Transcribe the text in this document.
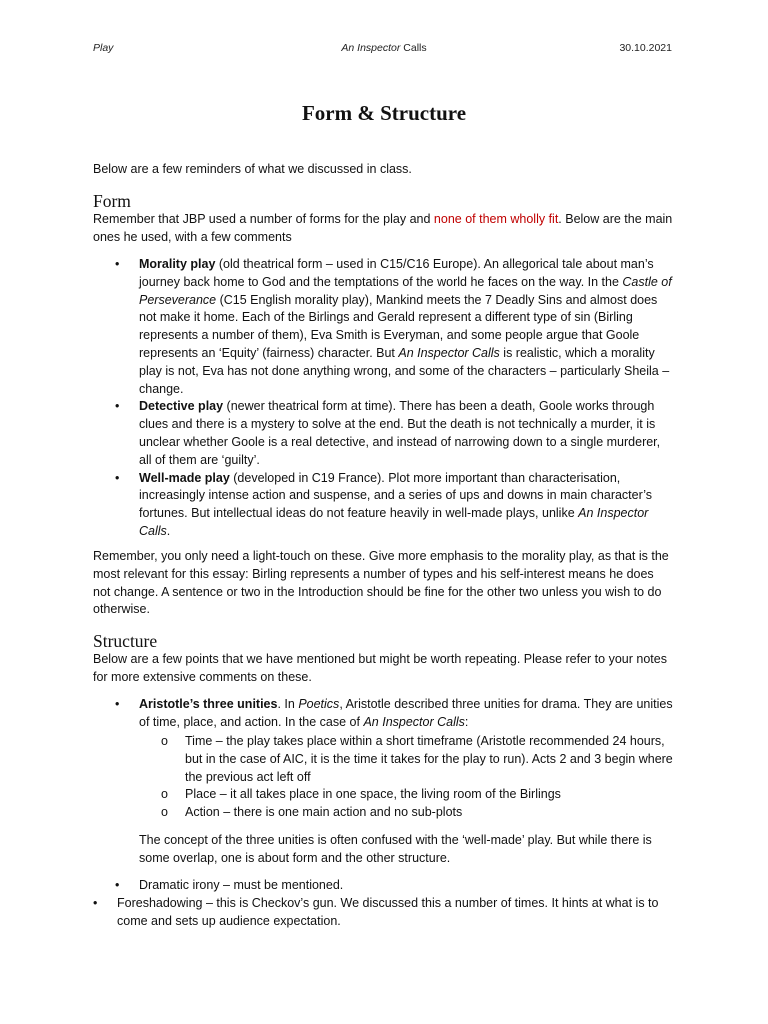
Play	An Inspector Calls	30.10.2021
Form & Structure
Below are a few reminders of what we discussed in class.
Form
Remember that JBP used a number of forms for the play and none of them wholly fit. Below are the main ones he used, with a few comments
• Morality play (old theatrical form – used in C15/C16 Europe). An allegorical tale about man’s journey back home to God and the temptations of the world he faces on the way. In the Castle of Perseverance (C15 English morality play), Mankind meets the 7 Deadly Sins and almost does not make it home. Each of the Birlings and Gerald represent a different type of sin (Birling represents a number of them), Eva Smith is Everyman, and some people argue that Goole represents an ‘Equity’ (fairness) character. But An Inspector Calls is realistic, which a morality play is not, Eva has not done anything wrong, and some of the characters – particularly Sheila – change.
• Detective play (newer theatrical form at time). There has been a death, Goole works through clues and there is a mystery to solve at the end. But the death is not technically a murder, it is unclear whether Goole is a real detective, and instead of narrowing down to a single murderer, all of them are ‘guilty’.
• Well-made play (developed in C19 France). Plot more important than characterisation, increasingly intense action and suspense, and a series of ups and downs in main character’s fortunes. But intellectual ideas do not feature heavily in well-made plays, unlike An Inspector Calls.
Remember, you only need a light-touch on these. Give more emphasis to the morality play, as that is the most relevant for this essay: Birling represents a number of types and his self-interest means he does not change. A sentence or two in the Introduction should be fine for the other two unless you wish to do otherwise.
Structure
Below are a few points that we have mentioned but might be worth repeating. Please refer to your notes for more extensive comments on these.
• Aristotle’s three unities. In Poetics, Aristotle described three unities for drama. They are unities of time, place, and action. In the case of An Inspector Calls:
o Time – the play takes place within a short timeframe (Aristotle recommended 24 hours, but in the case of AIC, it is the time it takes for the play to run). Acts 2 and 3 begin where the previous act left off
o Place – it all takes place in one space, the living room of the Birlings
o Action – there is one main action and no sub-plots
The concept of the three unities is often confused with the ‘well-made’ play. But while there is some overlap, one is about form and the other structure.
• Dramatic irony – must be mentioned.
•	Foreshadowing – this is Checkov’s gun. We discussed this a number of times. It hints at what is to come and sets up audience expectation.
